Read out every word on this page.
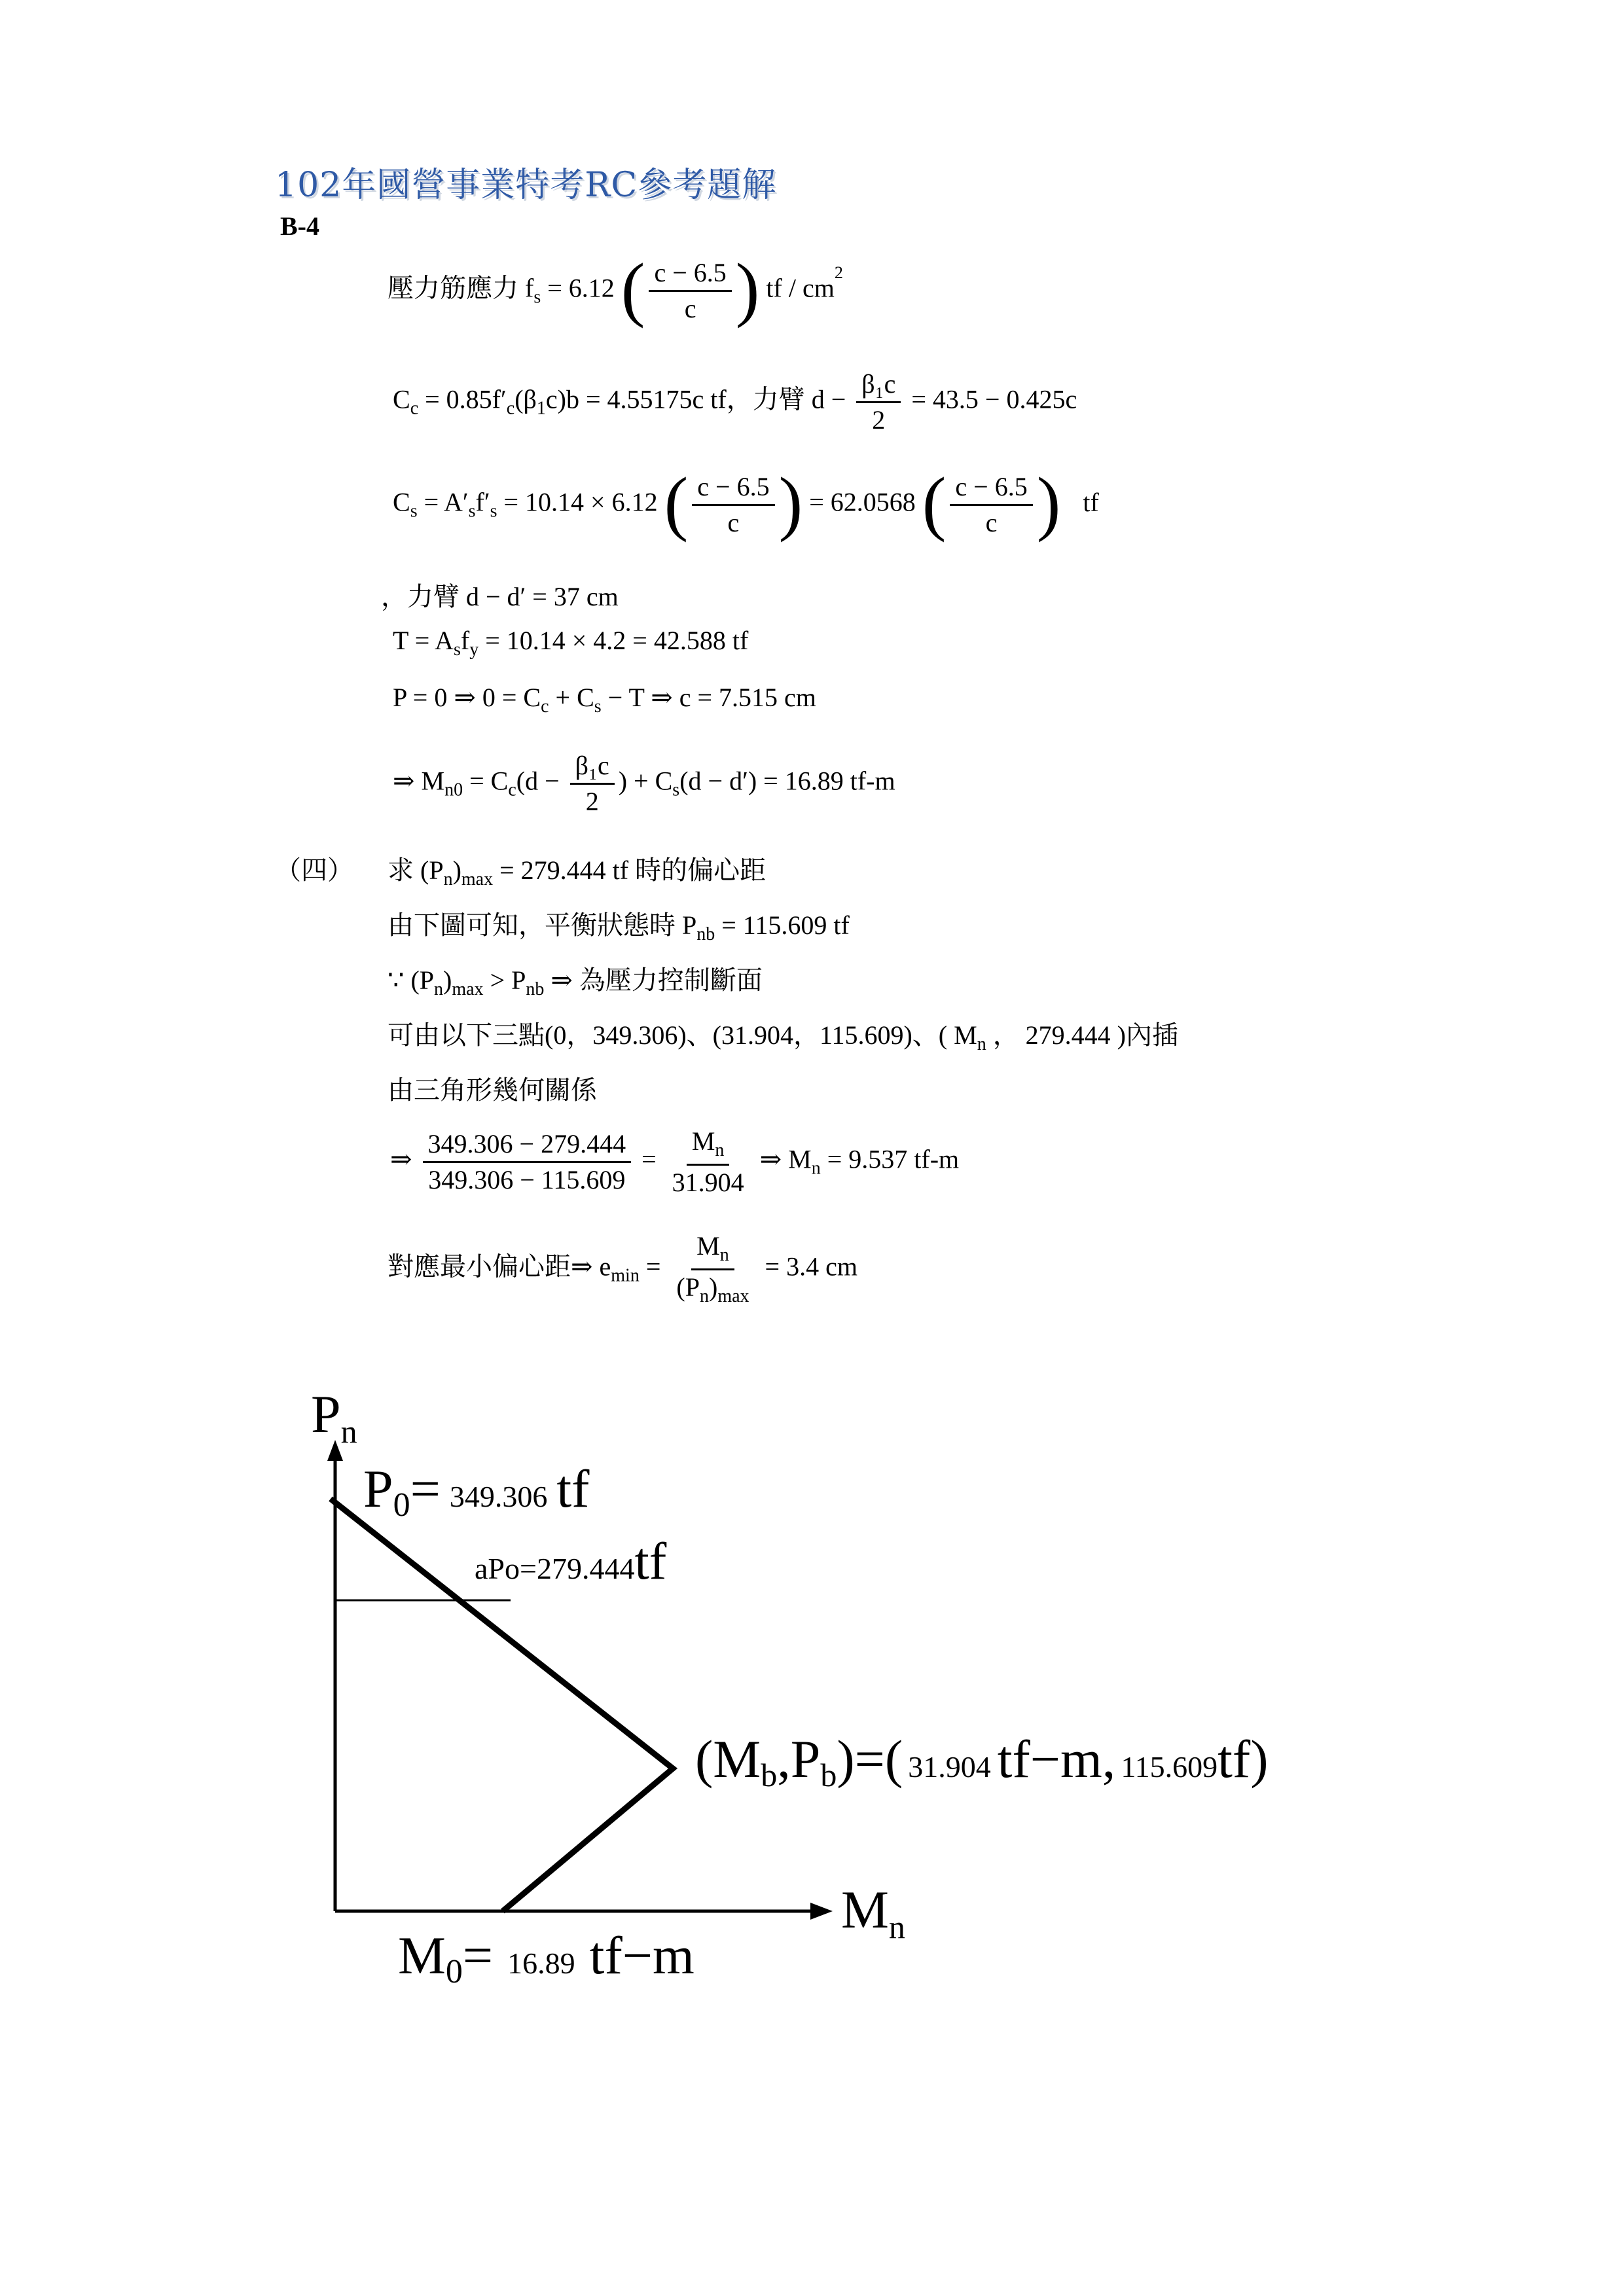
102年國營事業特考RC參考題解
B-4
壓力筋應力 $f_s = 6.12$ ( $\frac{c - 6.5}{c}$ ) tf / $cm^2$
$C_c = 0.85f'_c(\beta_1c)b = 4.55175c$ tf，力臂 $d - \frac{\text{β₁c}}{2} = 43.5 - 0.425c$
$C_s = A'_sf'_s = 10.14 \times 6.12$ ( $\frac{c - 6.5}{c}$ ) = 62.0568 ( $\frac{c - 6.5}{c}$ ) tf
，力臂 d − d′ = 37 cm
$T = A_sf_y = 10.14 \times 4.2 = 42.588$ tf
P = 0 ⇒ $0 = C_c + C_s - T$ ⇒ c = 7.515 cm
⇒ $M_{n0} = C_c(d - \frac{\text{β₁c}}{2}$ ) + $C_s(d - d') = 16.89$ tf-m
（四） 求 $(P_n)_{max} = 279.444$ tf 時的偏心距
由下圖可知，平衡狀態時 $P_{nb} = 115.609$ tf
∵ $(P_n)_{max} > P_{nb}$ ⇒ 為壓力控制斷面
可由以下三點(0，349.306)、(31.904，115.609)、( $M_n$ ， 279.444 )內插
由三角形幾何關係
⇒ $\frac{349.306 - 279.444}{349.306 - 115.609} = \frac{M_n}{31.904}$ ⇒ $M_n = 9.537$ tf-m
對應最小偏心距⇒ $e_{min} = \frac{M_n}{(P_n)_{max}} = 3.4$ cm
Pn
Mn
P0= 349.306 tf
aPo=279.444tf
(Mb,Pb)=( 31.904 tf−m, 115.609tf)
M0= 16.89 tf−m
